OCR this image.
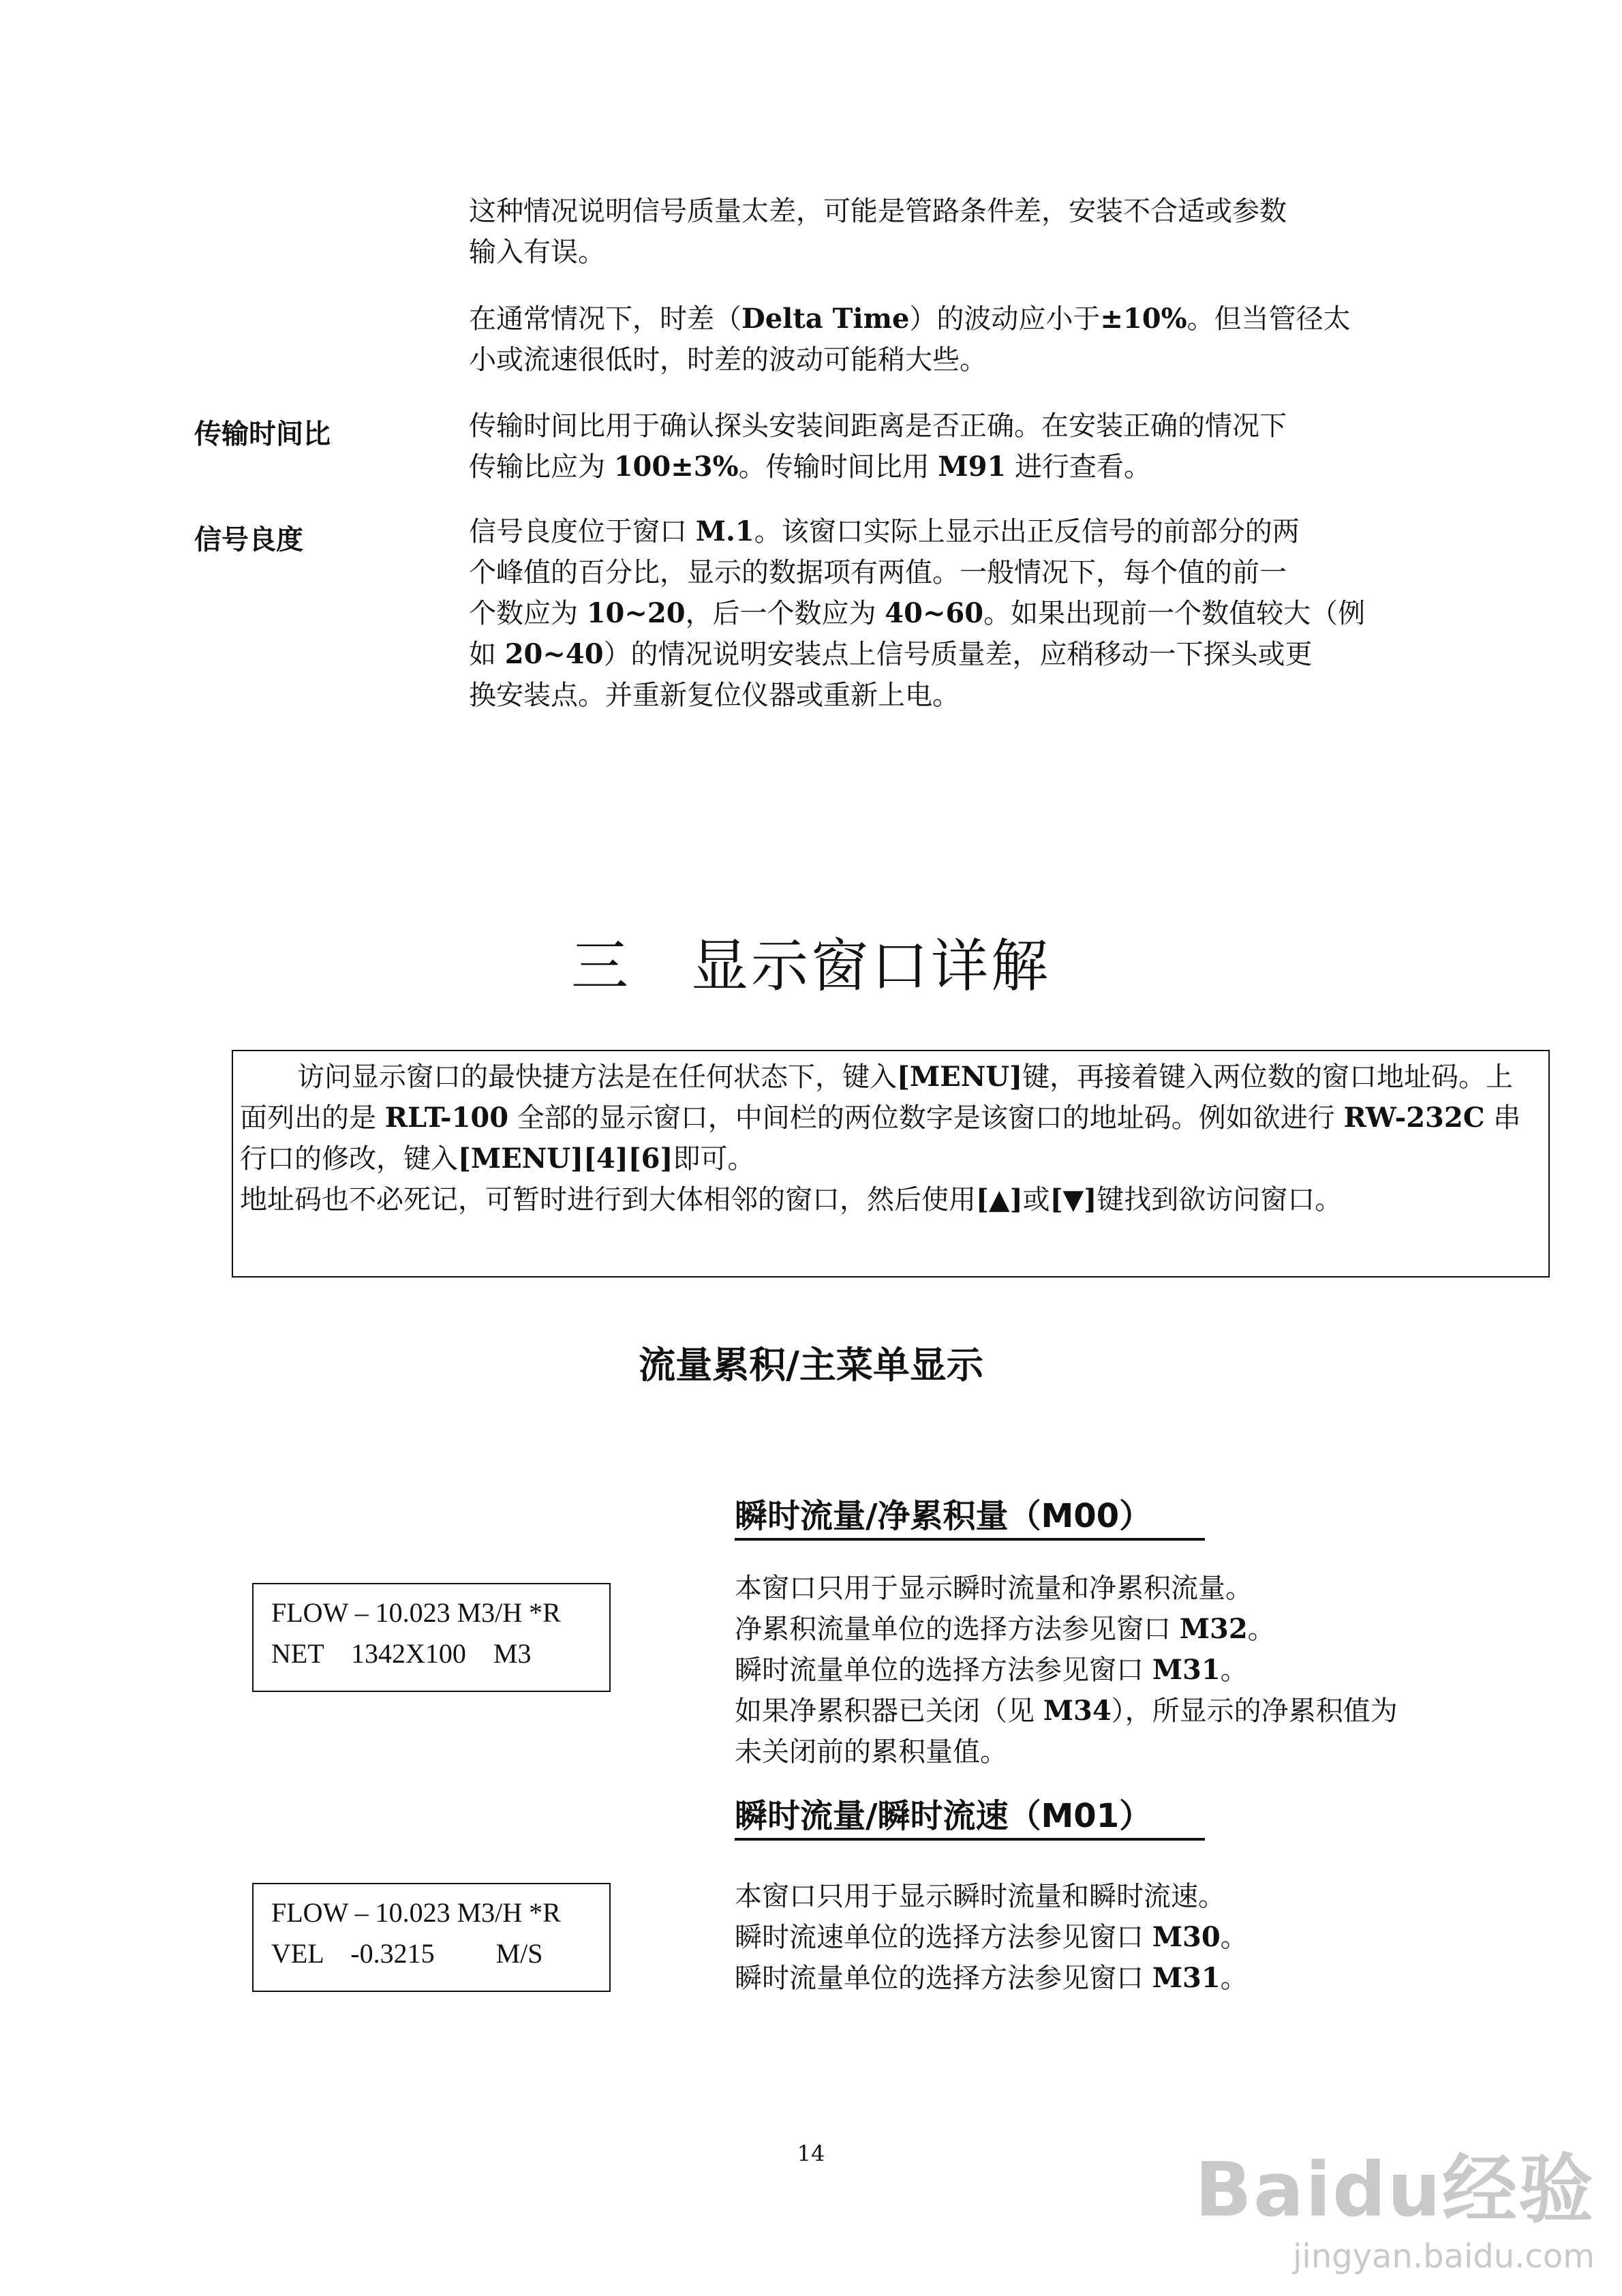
这种情况说明信号质量太差，可能是管路条件差，安装不合适或参数

输入有误。

在通常情况下，时差（Delta Time）的波动应小于±10%。但当管径太

小或流速很低时，时差的波动可能稍大些。

传输时间比	传输时间比用于确认探头安装间距离是否正确。在安装正确的情况下

传输比应为 100±3%。传输时间比用 M91 进行查看。

信号良度	信号良度位于窗口 M.1。该窗口实际上显示出正反信号的前部分的两

个峰值的百分比，显示的数据项有两值。一般情况下，每个值的前一

个数应为 10~20，后一个数应为 40~60。如果出现前一个数值较大（例

如 20~40）的情况说明安装点上信号质量差，应稍移动一下探头或更

换安装点。并重新复位仪器或重新上电。

三　显示窗口详解

访问显示窗口的最快捷方法是在任何状态下，键入[MENU]键，再接着键入两位数的窗口地址码。上

面列出的是 RLT-100 全部的显示窗口，中间栏的两位数字是该窗口的地址码。例如欲进行 RW-232C 串

行口的修改，键入[MENU][4][6]即可。

地址码也不必死记，可暂时进行到大体相邻的窗口，然后使用[▲]或[▼]键找到欲访问窗口。

流量累积/主菜单显示
瞬时流量/净累积量（M00）
FLOW – 10.023 M3/H *R
NET    1342X100    M3

本窗口只用于显示瞬时流量和净累积流量。

净累积流量单位的选择方法参见窗口 M32。

瞬时流量单位的选择方法参见窗口 M31。

如果净累积器已关闭（见 M34），所显示的净累积值为

未关闭前的累积量值。

瞬时流量/瞬时流速（M01）
FLOW – 10.023 M3/H *R
VEL    -0.3215         M/S

本窗口只用于显示瞬时流量和瞬时流速。

瞬时流速单位的选择方法参见窗口 M30。

瞬时流量单位的选择方法参见窗口 M31。

14	Baidu经验
jingyan.baidu.com
